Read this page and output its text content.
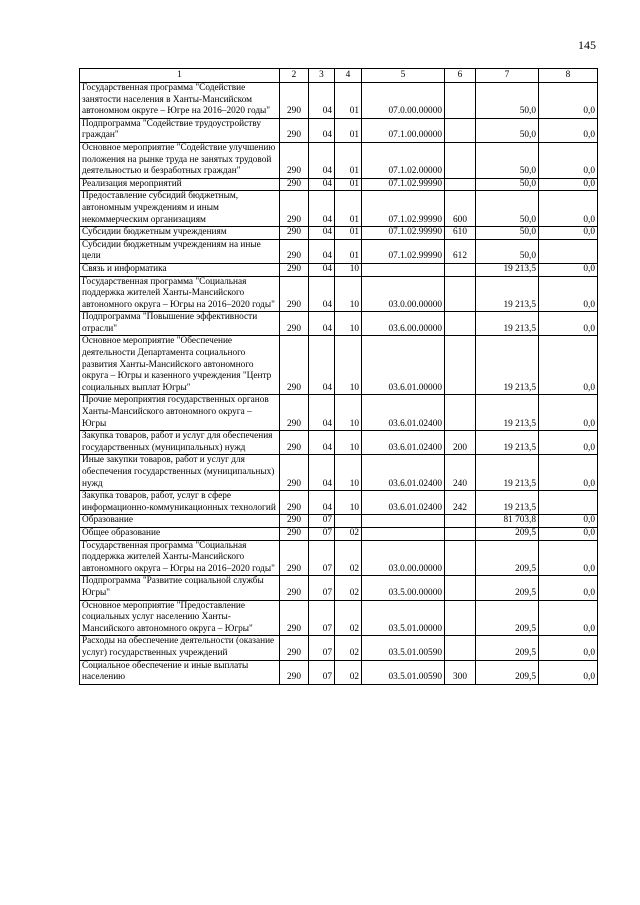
145
1	2	3	4	5	6	7	8
Государственная программа "Содействие занятости населения в Ханты-Мансийском автономном округе – Югре на 2016–2020 годы"	290	04	01	07.0.00.00000		50,0	0,0
Подпрограмма "Содействие трудоустройству граждан"	290	04	01	07.1.00.00000		50,0	0,0
Основное мероприятие "Содействие улучшению положения на рынке труда не занятых трудовой деятельностью и безработных граждан"	290	04	01	07.1.02.00000		50,0	0,0
Реализация мероприятий	290	04	01	07.1.02.99990		50,0	0,0
Предоставление субсидий бюджетным, автономным учреждениям и иным некоммерческим организациям	290	04	01	07.1.02.99990	600	50,0	0,0
Субсидии бюджетным учреждениям	290	04	01	07.1.02.99990	610	50,0	0,0
Субсидии бюджетным учреждениям на иные цели	290	04	01	07.1.02.99990	612	50,0	
Связь и информатика	290	04	10			19 213,5	0,0
Государственная программа "Социальная поддержка жителей Ханты-Мансийского автономного округа – Югры на 2016–2020 годы"	290	04	10	03.0.00.00000		19 213,5	0,0
Подпрограмма "Повышение эффективности отрасли"	290	04	10	03.6.00.00000		19 213,5	0,0
Основное мероприятие "Обеспечение деятельности Департамента социального развития Ханты-Мансийского автономного округа – Югры и казенного учреждения "Центр социальных выплат Югры"	290	04	10	03.6.01.00000		19 213,5	0,0
Прочие мероприятия государственных органов Ханты-Мансийского автономного округа – Югры	290	04	10	03.6.01.02400		19 213,5	0,0
Закупка товаров, работ и услуг для обеспечения государственных (муниципальных) нужд	290	04	10	03.6.01.02400	200	19 213,5	0,0
Иные закупки товаров, работ и услуг для обеспечения государственных (муниципальных) нужд	290	04	10	03.6.01.02400	240	19 213,5	0,0
Закупка товаров, работ, услуг в сфере информационно-коммуникационных технологий	290	04	10	03.6.01.02400	242	19 213,5	
Образование	290	07				81 703,8	0,0
Общее образование	290	07	02			209,5	0,0
Государственная программа "Социальная поддержка жителей Ханты-Мансийского автономного округа – Югры на 2016–2020 годы"	290	07	02	03.0.00.00000		209,5	0,0
Подпрограмма "Развитие социальной службы Югры"	290	07	02	03.5.00.00000		209,5	0,0
Основное мероприятие "Предоставление социальных услуг населению Ханты-Мансийского автономного округа – Югры"	290	07	02	03.5.01.00000		209,5	0,0
Расходы на обеспечение деятельности (оказание услуг) государственных учреждений	290	07	02	03.5.01.00590		209,5	0,0
Социальное обеспечение и иные выплаты населению	290	07	02	03.5.01.00590	300	209,5	0,0
